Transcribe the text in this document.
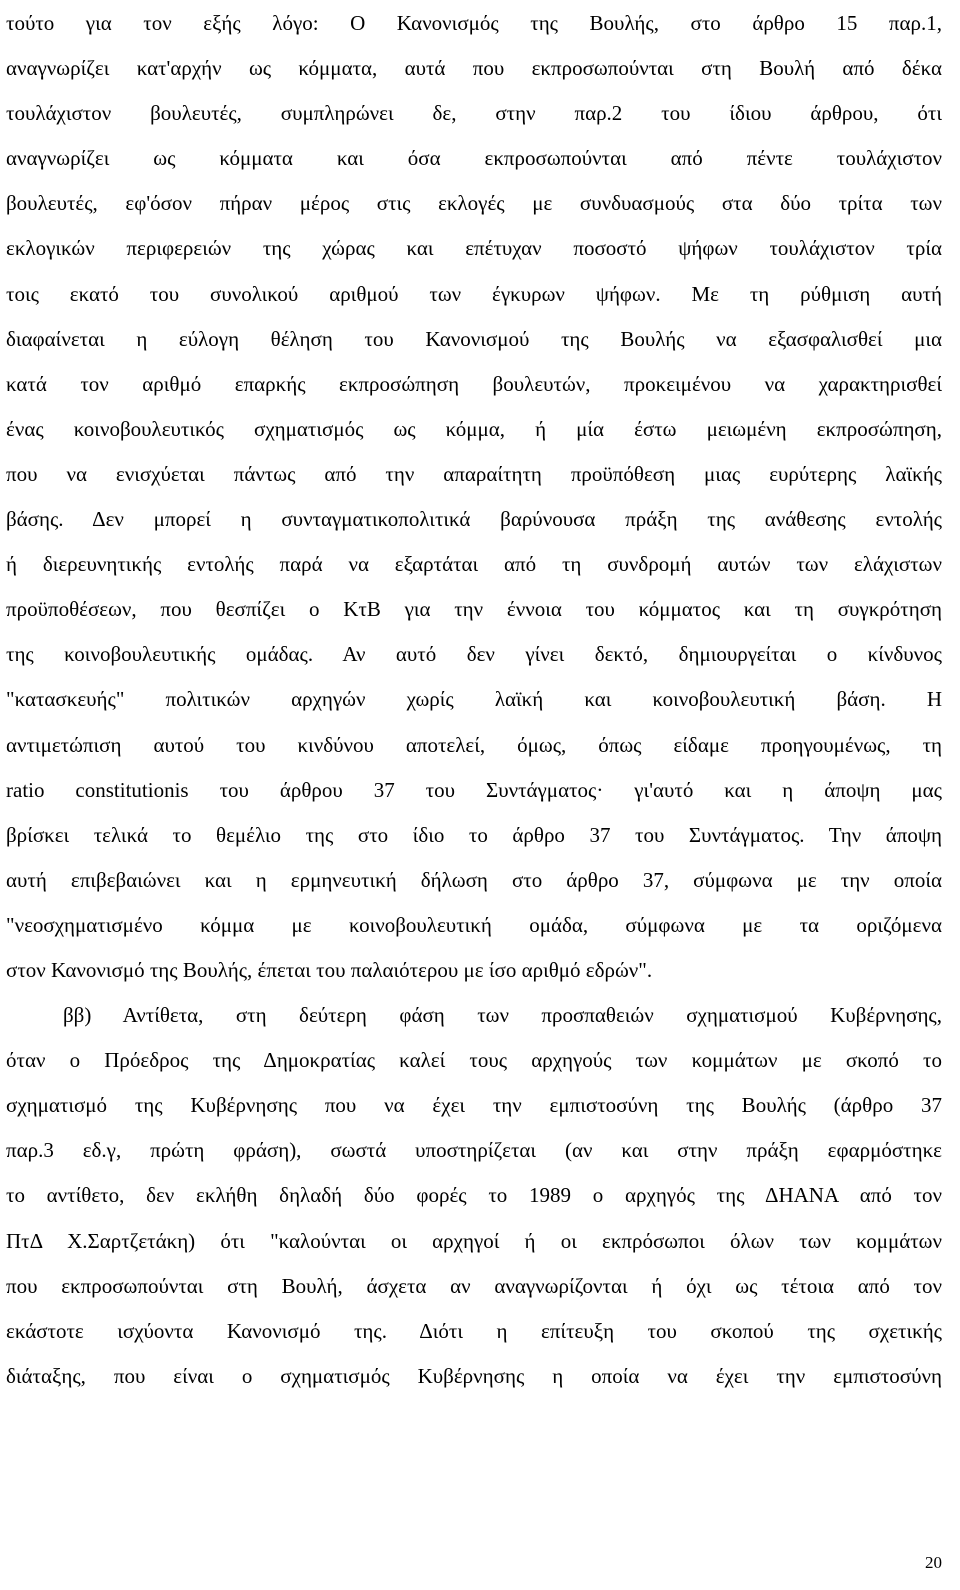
τούτο για τον εξής λόγο: Ο Κανονισμός της Βουλής, στο άρθρο 15 παρ.1,
αναγνωρίζει κατ'αρχήν ως κόμματα, αυτά που εκπροσωπούνται στη Βουλή από δέκα
τουλάχιστον βουλευτές, συμπληρώνει δε, στην παρ.2 του ίδιου άρθρου, ότι
αναγνωρίζει ως κόμματα και όσα εκπροσωπούνται από πέντε τουλάχιστον
βουλευτές, εφ'όσον πήραν μέρος στις εκλογές με συνδυασμούς στα δύο τρίτα των
εκλογικών περιφερειών της χώρας και επέτυχαν ποσοστό ψήφων τουλάχιστον τρία
τοις εκατό του συνολικού αριθμού των έγκυρων ψήφων. Με τη ρύθμιση αυτή
διαφαίνεται η εύλογη θέληση του Κανονισμού της Βουλής να εξασφαλισθεί μια
κατά τον αριθμό επαρκής εκπροσώπηση βουλευτών, προκειμένου να χαρακτηρισθεί
ένας κοινοβουλευτικός σχηματισμός ως κόμμα, ή μία έστω μειωμένη εκπροσώπηση,
που να ενισχύεται πάντως από την απαραίτητη προϋπόθεση μιας ευρύτερης λαϊκής
βάσης. Δεν μπορεί η συνταγματικοπολιτικά βαρύνουσα πράξη της ανάθεσης εντολής
ή διερευνητικής εντολής παρά να εξαρτάται από τη συνδρομή αυτών των ελάχιστων
προϋποθέσεων, που θεσπίζει ο ΚτΒ για την έννοια του κόμματος και τη συγκρότηση
της κοινοβουλευτικής ομάδας. Αν αυτό δεν γίνει δεκτό, δημιουργείται ο κίνδυνος
"κατασκευής" πολιτικών αρχηγών χωρίς λαϊκή και κοινοβουλευτική βάση. Η
αντιμετώπιση αυτού του κινδύνου αποτελεί, όμως, όπως είδαμε προηγουμένως, τη
ratio constitutionis του άρθρου 37 του Συντάγματος· γι'αυτό και η άποψη μας
βρίσκει τελικά το θεμέλιο της στο ίδιο το άρθρο 37 του Συντάγματος. Την άποψη
αυτή επιβεβαιώνει και η ερμηνευτική δήλωση στο άρθρο 37, σύμφωνα με την οποία
"νεοσχηματισμένο κόμμα με κοινοβουλευτική ομάδα, σύμφωνα με τα οριζόμενα
στον Κανονισμό της Βουλής, έπεται του παλαιότερου με ίσο αριθμό εδρών".
ββ) Αντίθετα, στη δεύτερη φάση των προσπαθειών σχηματισμού Κυβέρνησης,
όταν ο Πρόεδρος της Δημοκρατίας καλεί τους αρχηγούς των κομμάτων με σκοπό το
σχηματισμό της Κυβέρνησης που να έχει την εμπιστοσύνη της Βουλής (άρθρο 37
παρ.3 εδ.γ, πρώτη φράση), σωστά υποστηρίζεται (αν και στην πράξη εφαρμόστηκε
το αντίθετο, δεν εκλήθη δηλαδή δύο φορές το 1989 ο αρχηγός της ΔΗΑΝΑ από τον
ΠτΔ Χ.Σαρτζετάκη) ότι "καλούνται οι αρχηγοί ή οι εκπρόσωποι όλων των κομμάτων
που εκπροσωπούνται στη Βουλή, άσχετα αν αναγνωρίζονται ή όχι ως τέτοια από τον
εκάστοτε ισχύοντα Κανονισμό της. Διότι η επίτευξη του σκοπού της σχετικής
διάταξης, που είναι ο σχηματισμός Κυβέρνησης η οποία να έχει την εμπιστοσύνη
20
